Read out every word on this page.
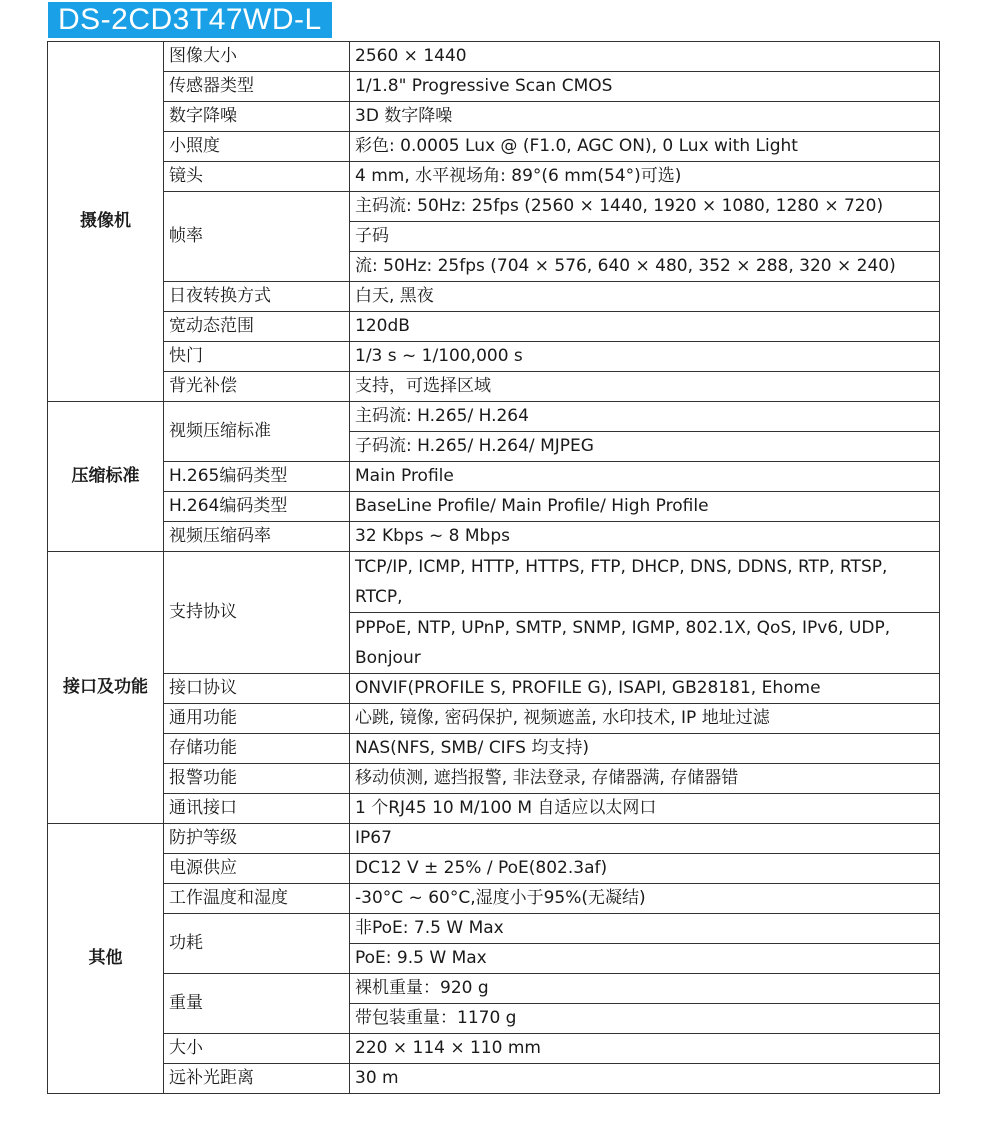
DS-2CD3T47WD-L
摄像机	图像大小	2560 × 1440
	传感器类型	1/1.8" Progressive Scan CMOS
	数字降噪	3D 数字降噪
	小照度	彩色: 0.0005 Lux @ (F1.0, AGC ON), 0 Lux with Light
	镜头	4 mm, 水平视场角: 89°(6 mm(54°)可选)
	帧率	主码流: 50Hz: 25fps (2560 × 1440, 1920 × 1080, 1280 × 720)
		子码
		流: 50Hz: 25fps (704 × 576, 640 × 480, 352 × 288, 320 × 240)
	日夜转换方式	白天, 黑夜
	宽动态范围	120dB
	快门	1/3 s ~ 1/100,000 s
	背光补偿	支持，可选择区域
压缩标准	视频压缩标准	主码流: H.265/ H.264
		子码流: H.265/ H.264/ MJPEG
	H.265编码类型	Main Profile
	H.264编码类型	BaseLine Profile/ Main Profile/ High Profile
	视频压缩码率	32 Kbps ~ 8 Mbps
接口及功能	支持协议	TCP/IP, ICMP, HTTP, HTTPS, FTP, DHCP, DNS, DDNS, RTP, RTSP, RTCP,
		PPPoE, NTP, UPnP, SMTP, SNMP, IGMP, 802.1X, QoS, IPv6, UDP, Bonjour
	接口协议	ONVIF(PROFILE S, PROFILE G), ISAPI, GB28181, Ehome
	通用功能	心跳, 镜像, 密码保护, 视频遮盖, 水印技术, IP 地址过滤
	存储功能	NAS(NFS, SMB/ CIFS 均支持)
	报警功能	移动侦测, 遮挡报警, 非法登录, 存储器满, 存储器错
	通讯接口	1 个RJ45 10 M/100 M 自适应以太网口
其他	防护等级	IP67
	电源供应	DC12 V ± 25% / PoE(802.3af)
	工作温度和湿度	-30°C ~ 60°C,湿度小于95%(无凝结)
	功耗	非PoE: 7.5 W Max
		PoE: 9.5 W Max
	重量	裸机重量：920 g
		带包装重量：1170 g
	大小	220 × 114 × 110 mm
	远补光距离	30 m
